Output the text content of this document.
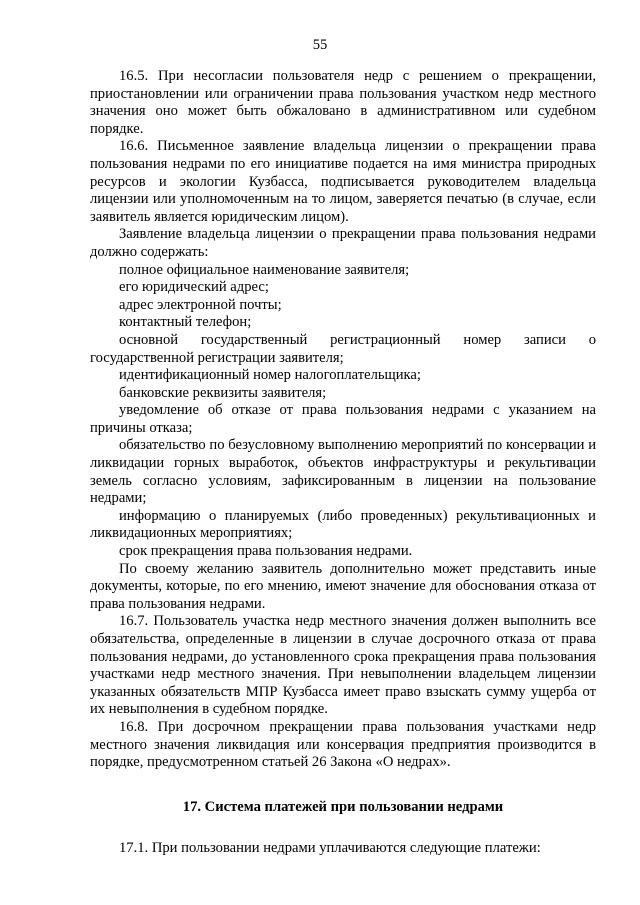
55

16.5. При несогласии пользователя недр с решением о прекращении, приостановлении или ограничении права пользования участком недр местного значения оно может быть обжаловано в административном или судебном порядке.

16.6. Письменное заявление владельца лицензии о прекращении права пользования недрами по его инициативе подается на имя министра природных ресурсов и экологии Кузбасса, подписывается руководителем владельца лицензии или уполномоченным на то лицом, заверяется печатью (в случае, если заявитель является юридическим лицом).

Заявление владельца лицензии о прекращении права пользования недрами должно содержать:

полное официальное наименование заявителя;

его юридический адрес;

адрес электронной почты;

контактный телефон;

основной государственный регистрационный номер записи о государственной регистрации заявителя;

идентификационный номер налогоплательщика;

банковские реквизиты заявителя;

уведомление об отказе от права пользования недрами с указанием на причины отказа;

обязательство по безусловному выполнению мероприятий по консервации и ликвидации горных выработок, объектов инфраструктуры и рекультивации земель согласно условиям, зафиксированным в лицензии на пользование недрами;

информацию о планируемых (либо проведенных) рекультивационных и ликвидационных мероприятиях;

срок прекращения права пользования недрами.

По своему желанию заявитель дополнительно может представить иные документы, которые, по его мнению, имеют значение для обоснования отказа от права пользования недрами.

16.7. Пользователь участка недр местного значения должен выполнить все обязательства, определенные в лицензии в случае досрочного отказа от права пользования недрами, до установленного срока прекращения права пользования участками недр местного значения. При невыполнении владельцем лицензии указанных обязательств МПР Кузбасса имеет право взыскать сумму ущерба от их невыполнения в судебном порядке.

16.8. При досрочном прекращении права пользования участками недр местного значения ликвидация или консервация предприятия производится в порядке, предусмотренном статьей 26 Закона «О недрах».

17. Система платежей при пользовании недрами

17.1. При пользовании недрами уплачиваются следующие платежи:
